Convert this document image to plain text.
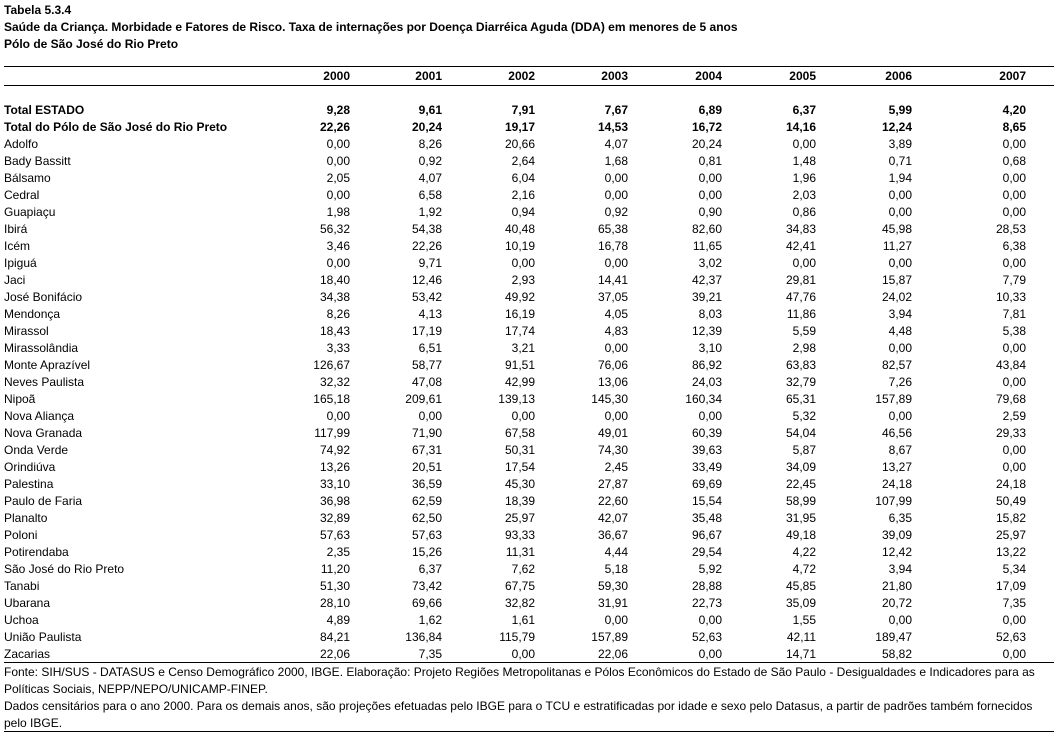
Tabela 5.3.4
Saúde da Criança. Morbidade e Fatores de Risco. Taxa de internações por Doença Diarréica Aguda (DDA) em menores de 5 anos
Pólo de São José do Rio Preto
	2000	2001	2002	2003	2004	2005	2006	2007

Total ESTADO	9,28	9,61	7,91	7,67	6,89	6,37	5,99	4,20
Total do Pólo de São José do Rio Preto	22,26	20,24	19,17	14,53	16,72	14,16	12,24	8,65
Adolfo	0,00	8,26	20,66	4,07	20,24	0,00	3,89	0,00
Bady Bassitt	0,00	0,92	2,64	1,68	0,81	1,48	0,71	0,68
Bálsamo	2,05	4,07	6,04	0,00	0,00	1,96	1,94	0,00
Cedral	0,00	6,58	2,16	0,00	0,00	2,03	0,00	0,00
Guapiaçu	1,98	1,92	0,94	0,92	0,90	0,86	0,00	0,00
Ibirá	56,32	54,38	40,48	65,38	82,60	34,83	45,98	28,53
Icém	3,46	22,26	10,19	16,78	11,65	42,41	11,27	6,38
Ipiguá	0,00	9,71	0,00	0,00	3,02	0,00	0,00	0,00
Jaci	18,40	12,46	2,93	14,41	42,37	29,81	15,87	7,79
José Bonifácio	34,38	53,42	49,92	37,05	39,21	47,76	24,02	10,33
Mendonça	8,26	4,13	16,19	4,05	8,03	11,86	3,94	7,81
Mirassol	18,43	17,19	17,74	4,83	12,39	5,59	4,48	5,38
Mirassolândia	3,33	6,51	3,21	0,00	3,10	2,98	0,00	0,00
Monte Aprazível	126,67	58,77	91,51	76,06	86,92	63,83	82,57	43,84
Neves Paulista	32,32	47,08	42,99	13,06	24,03	32,79	7,26	0,00
Nipoã	165,18	209,61	139,13	145,30	160,34	65,31	157,89	79,68
Nova Aliança	0,00	0,00	0,00	0,00	0,00	5,32	0,00	2,59
Nova Granada	117,99	71,90	67,58	49,01	60,39	54,04	46,56	29,33
Onda Verde	74,92	67,31	50,31	74,30	39,63	5,87	8,67	0,00
Orindiúva	13,26	20,51	17,54	2,45	33,49	34,09	13,27	0,00
Palestina	33,10	36,59	45,30	27,87	69,69	22,45	24,18	24,18
Paulo de Faria	36,98	62,59	18,39	22,60	15,54	58,99	107,99	50,49
Planalto	32,89	62,50	25,97	42,07	35,48	31,95	6,35	15,82
Poloni	57,63	57,63	93,33	36,67	96,67	49,18	39,09	25,97
Potirendaba	2,35	15,26	11,31	4,44	29,54	4,22	12,42	13,22
São José do Rio Preto	11,20	6,37	7,62	5,18	5,92	4,72	3,94	5,34
Tanabi	51,30	73,42	67,75	59,30	28,88	45,85	21,80	17,09
Ubarana	28,10	69,66	32,82	31,91	22,73	35,09	20,72	7,35
Uchoa	4,89	1,62	1,61	0,00	0,00	1,55	0,00	0,00
União Paulista	84,21	136,84	115,79	157,89	52,63	42,11	189,47	52,63
Zacarias	22,06	7,35	0,00	22,06	0,00	14,71	58,82	0,00
Fonte: SIH/SUS - DATASUS e Censo Demográfico 2000, IBGE. Elaboração: Projeto Regiões Metropolitanas e Pólos Econômicos do Estado de São Paulo - Desigualdades e Indicadores para as Políticas Sociais, NEPP/NEPO/UNICAMP-FINEP.
Dados censitários para o ano 2000. Para os demais anos, são projeções efetuadas pelo IBGE para o TCU e estratificadas por idade e sexo pelo Datasus, a partir de padrões também fornecidos pelo IBGE.
